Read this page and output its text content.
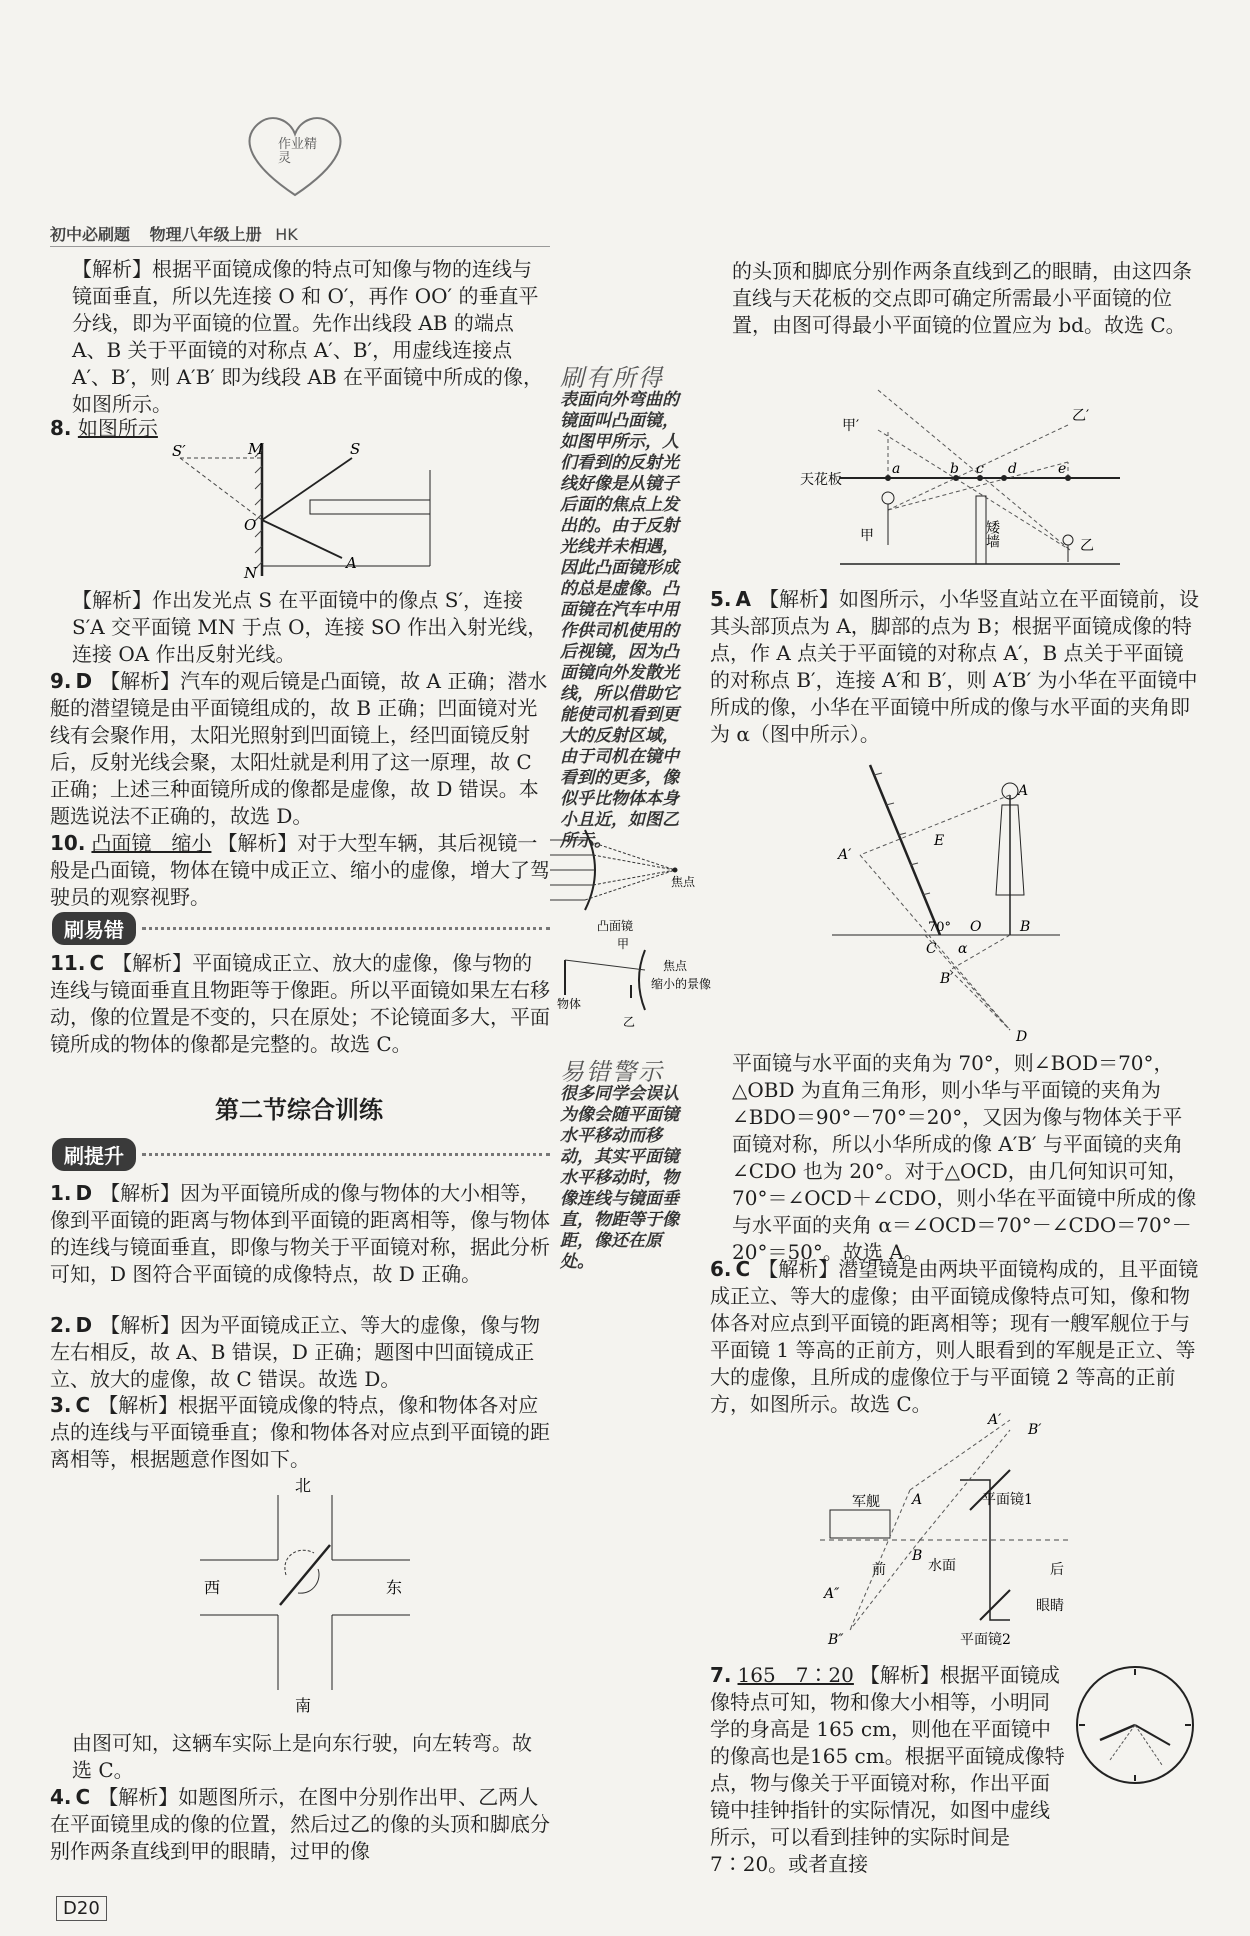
作业精灵
初中必刷题 物理八年级上册 HK
【解析】根据平面镜成像的特点可知像与物的连线与镜面垂直，所以先连接 O 和 O′，再作 OO′ 的垂直平分线，即为平面镜的位置。先作出线段 AB 的端点 A、B 关于平面镜的对称点 A′、B′，用虚线连接点 A′、B′，则 A′B′ 即为线段 AB 在平面镜中所成的像，如图所示。
8. 如图所示
S′	M	S
O
A
N
【解析】作出发光点 S 在平面镜中的像点 S′，连接 S′A 交平面镜 MN 于点 O，连接 SO 作出入射光线，连接 OA 作出反射光线。
9. D 【解析】汽车的观后镜是凸面镜，故 A 正确；潜水艇的潜望镜是由平面镜组成的，故 B 正确；凹面镜对光线有会聚作用，太阳光照射到凹面镜上，经凹面镜反射后，反射光线会聚，太阳灶就是利用了这一原理，故 C 正确；上述三种面镜所成的像都是虚像，故 D 错误。本题选说法不正确的，故选 D。
10. 凸面镜　缩小 【解析】对于大型车辆，其后视镜一般是凸面镜，物体在镜中成正立、缩小的虚像，增大了驾驶员的观察视野。
刷易错
11. C 【解析】平面镜成正立、放大的虚像，像与物的连线与镜面垂直且物距等于像距。所以平面镜如果左右移动，像的位置是不变的，只在原处；不论镜面多大，平面镜所成的物体的像都是完整的。故选 C。
第二节综合训练
刷提升
1. D 【解析】因为平面镜所成的像与物体的大小相等，像到平面镜的距离与物体到平面镜的距离相等，像与物体的连线与镜面垂直，即像与物关于平面镜对称，据此分析可知，D 图符合平面镜的成像特点，故 D 正确。
2. D 【解析】因为平面镜成正立、等大的虚像，像与物左右相反，故 A、B 错误，D 正确；题图中凹面镜成正立、放大的虚像，故 C 错误。故选 D。
3. C 【解析】根据平面镜成像的特点，像和物体各对应点的连线与平面镜垂直；像和物体各对应点到平面镜的距离相等，根据题意作图如下。
北
南
西	东
由图可知，这辆车实际上是向东行驶，向左转弯。故选 C。
4. C 【解析】如题图所示，在图中分别作出甲、乙两人在平面镜里成的像的位置，然后过乙的像的头顶和脚底分别作两条直线到甲的眼睛，过甲的像
D20
刷有所得
表面向外弯曲的镜面叫凸面镜，如图甲所示，人们看到的反射光线好像是从镜子后面的焦点上发出的。由于反射光线并未相遇，因此凸面镜形成的总是虚像。凸面镜在汽车中用作供司机使用的后视镜，因为凸面镜向外发散光线，所以借助它能使司机看到更大的反射区域，由于司机在镜中看到的更多，像似乎比物体本身小且近，如图乙所示。
焦点
凸面镜
甲
物体
缩小的景像
焦点
乙
易错警示
很多同学会误认为像会随平面镜水平移动而移动，其实平面镜水平移动时，物像连线与镜面垂直，物距等于像距，像还在原处。
的头顶和脚底分别作两条直线到乙的眼睛，由这四条直线与天花板的交点即可确定所需最小平面镜的位置，由图可得最小平面镜的位置应为 bd。故选 C。
甲′
乙′
天花板
a	b c d	e
甲
乙
矮墙
5. A 【解析】如图所示，小华竖直站立在平面镜前，设其头部顶点为 A，脚部的点为 B；根据平面镜成像的特点，作 A 点关于平面镜的对称点 A′，B 点关于平面镜的对称点 B′，连接 A′和 B′，则 A′B′ 为小华在平面镜中所成的像，小华在平面镜中所成的像与水平面的夹角即为 α（图中所示）。
A
E
A′
70° O	B
C α
B′
D
平面镜与水平面的夹角为 70°，则∠BOD＝70°，△OBD 为直角三角形，则小华与平面镜的夹角为∠BDO＝90°－70°＝20°，又因为像与物体关于平面镜对称，所以小华所成的像 A′B′ 与平面镜的夹角∠CDO 也为 20°。对于△OCD，由几何知识可知，70°＝∠OCD＋∠CDO，则小华在平面镜中所成的像与水平面的夹角 α＝∠OCD＝70°－∠CDO＝70°－20°＝50°。故选 A。
6. C 【解析】潜望镜是由两块平面镜构成的，且平面镜成正立、等大的虚像；由平面镜成像特点可知，像和物体各对应点到平面镜的距离相等；现有一艘军舰位于与平面镜 1 等高的正前方，则人眼看到的军舰是正立、等大的虚像，且所成的虚像位于与平面镜 2 等高的正前方，如图所示。故选 C。
A′
B′
军舰 A	平面镜1
B
水面
前	后
A″
眼睛
B″	平面镜2
7. 165　7∶20 【解析】根据平面镜成像特点可知，物和像大小相等，小明同学的身高是 165 cm，则他在平面镜中的像高也是165 cm。根据平面镜成像特点，物与像关于平面镜对称，作出平面镜中挂钟指针的实际情况，如图中虚线所示，可以看到挂钟的实际时间是 7∶20。或者直接
